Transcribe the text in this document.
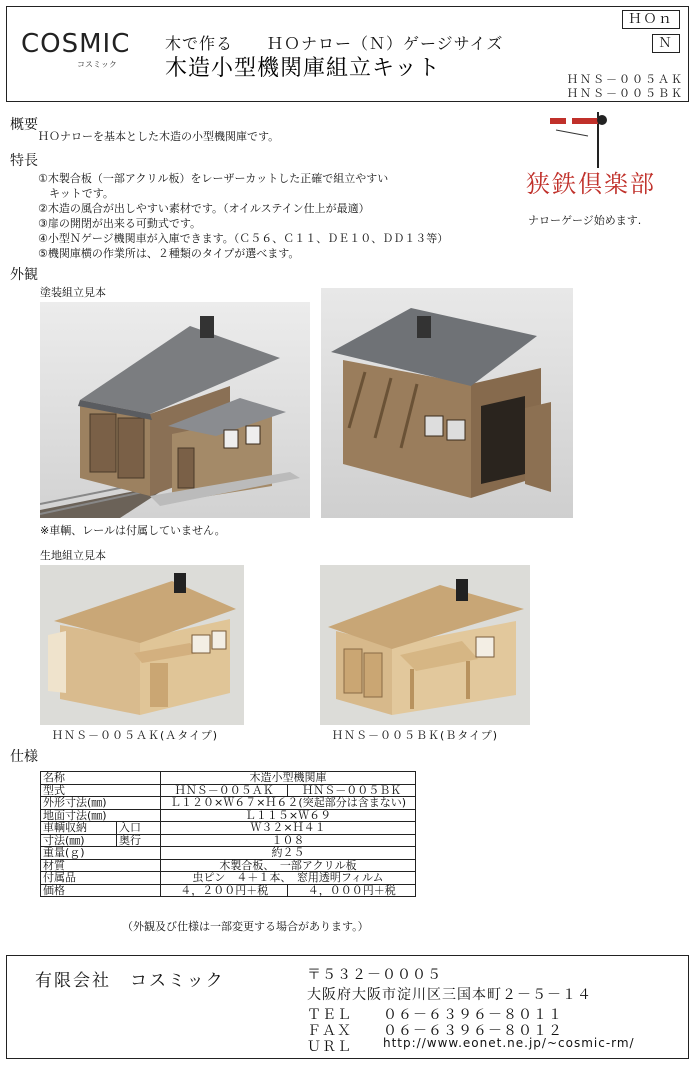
COSMIC
コスミック
木で作る　　ＨＯナロー（Ｎ）ゲージサイズ
木造小型機関庫組立キット
ＨＯｎ
Ｎ
ＨＮＳ－００５ＡＫ
ＨＮＳ－００５ＢＫ
概要
ＨＯナローを基本とした木造の小型機関庫です。
特長
①木製合板（一部アクリル板）をレーザーカットした正確で組立やすい
　キットです。
②木造の風合が出しやすい素材です。（オイルステイン仕上が最適）
③扉の開閉が出来る可動式です。
④小型Ｎゲージ機関車が入庫できます。（Ｃ５６、Ｃ１１、ＤＥ１０、ＤＤ１３等）
⑤機関庫横の作業所は、２種類のタイプが選べます。
狭鉄倶楽部
ナローゲージ始めます.
外観
塗装組立見本
※車輌、レールは付属していません。
生地組立見本
ＨＮＳ－００５ＡＫ(Ａタイプ)	ＨＮＳ－００５ＢＫ(Ｂタイプ)
仕様
名称		木造小型機関庫	
型式		ＨＮＳ－００５ＡＫ	ＨＮＳ－００５ＢＫ
外形寸法(㎜)		Ｌ１２０×Ｗ６７×Ｈ６２(突起部分は含まない)	
地面寸法(㎜)		Ｌ１１５×Ｗ６９	
車輌収納	入口	Ｗ３２×Ｈ４１	
寸法(㎜)	奥行	１０８	
重量(ｇ)		約２５	
材質		木製合板、　一部アクリル板	
付属品		虫ピン　４＋１本、　窓用透明フィルム	
価格		４，２００円＋税	４，０００円＋税
（外観及び仕様は一部変更する場合があります。）
有限会社　コスミック	〒５３２－０００５
大阪府大阪市淀川区三国本町２－５－１４
ＴＥＬ ０６－６３９６－８０１１
ＦＡＸ ０６－６３９６－８０１２
ＵＲＬ	http://www.eonet.ne.jp/~cosmic-rm/
